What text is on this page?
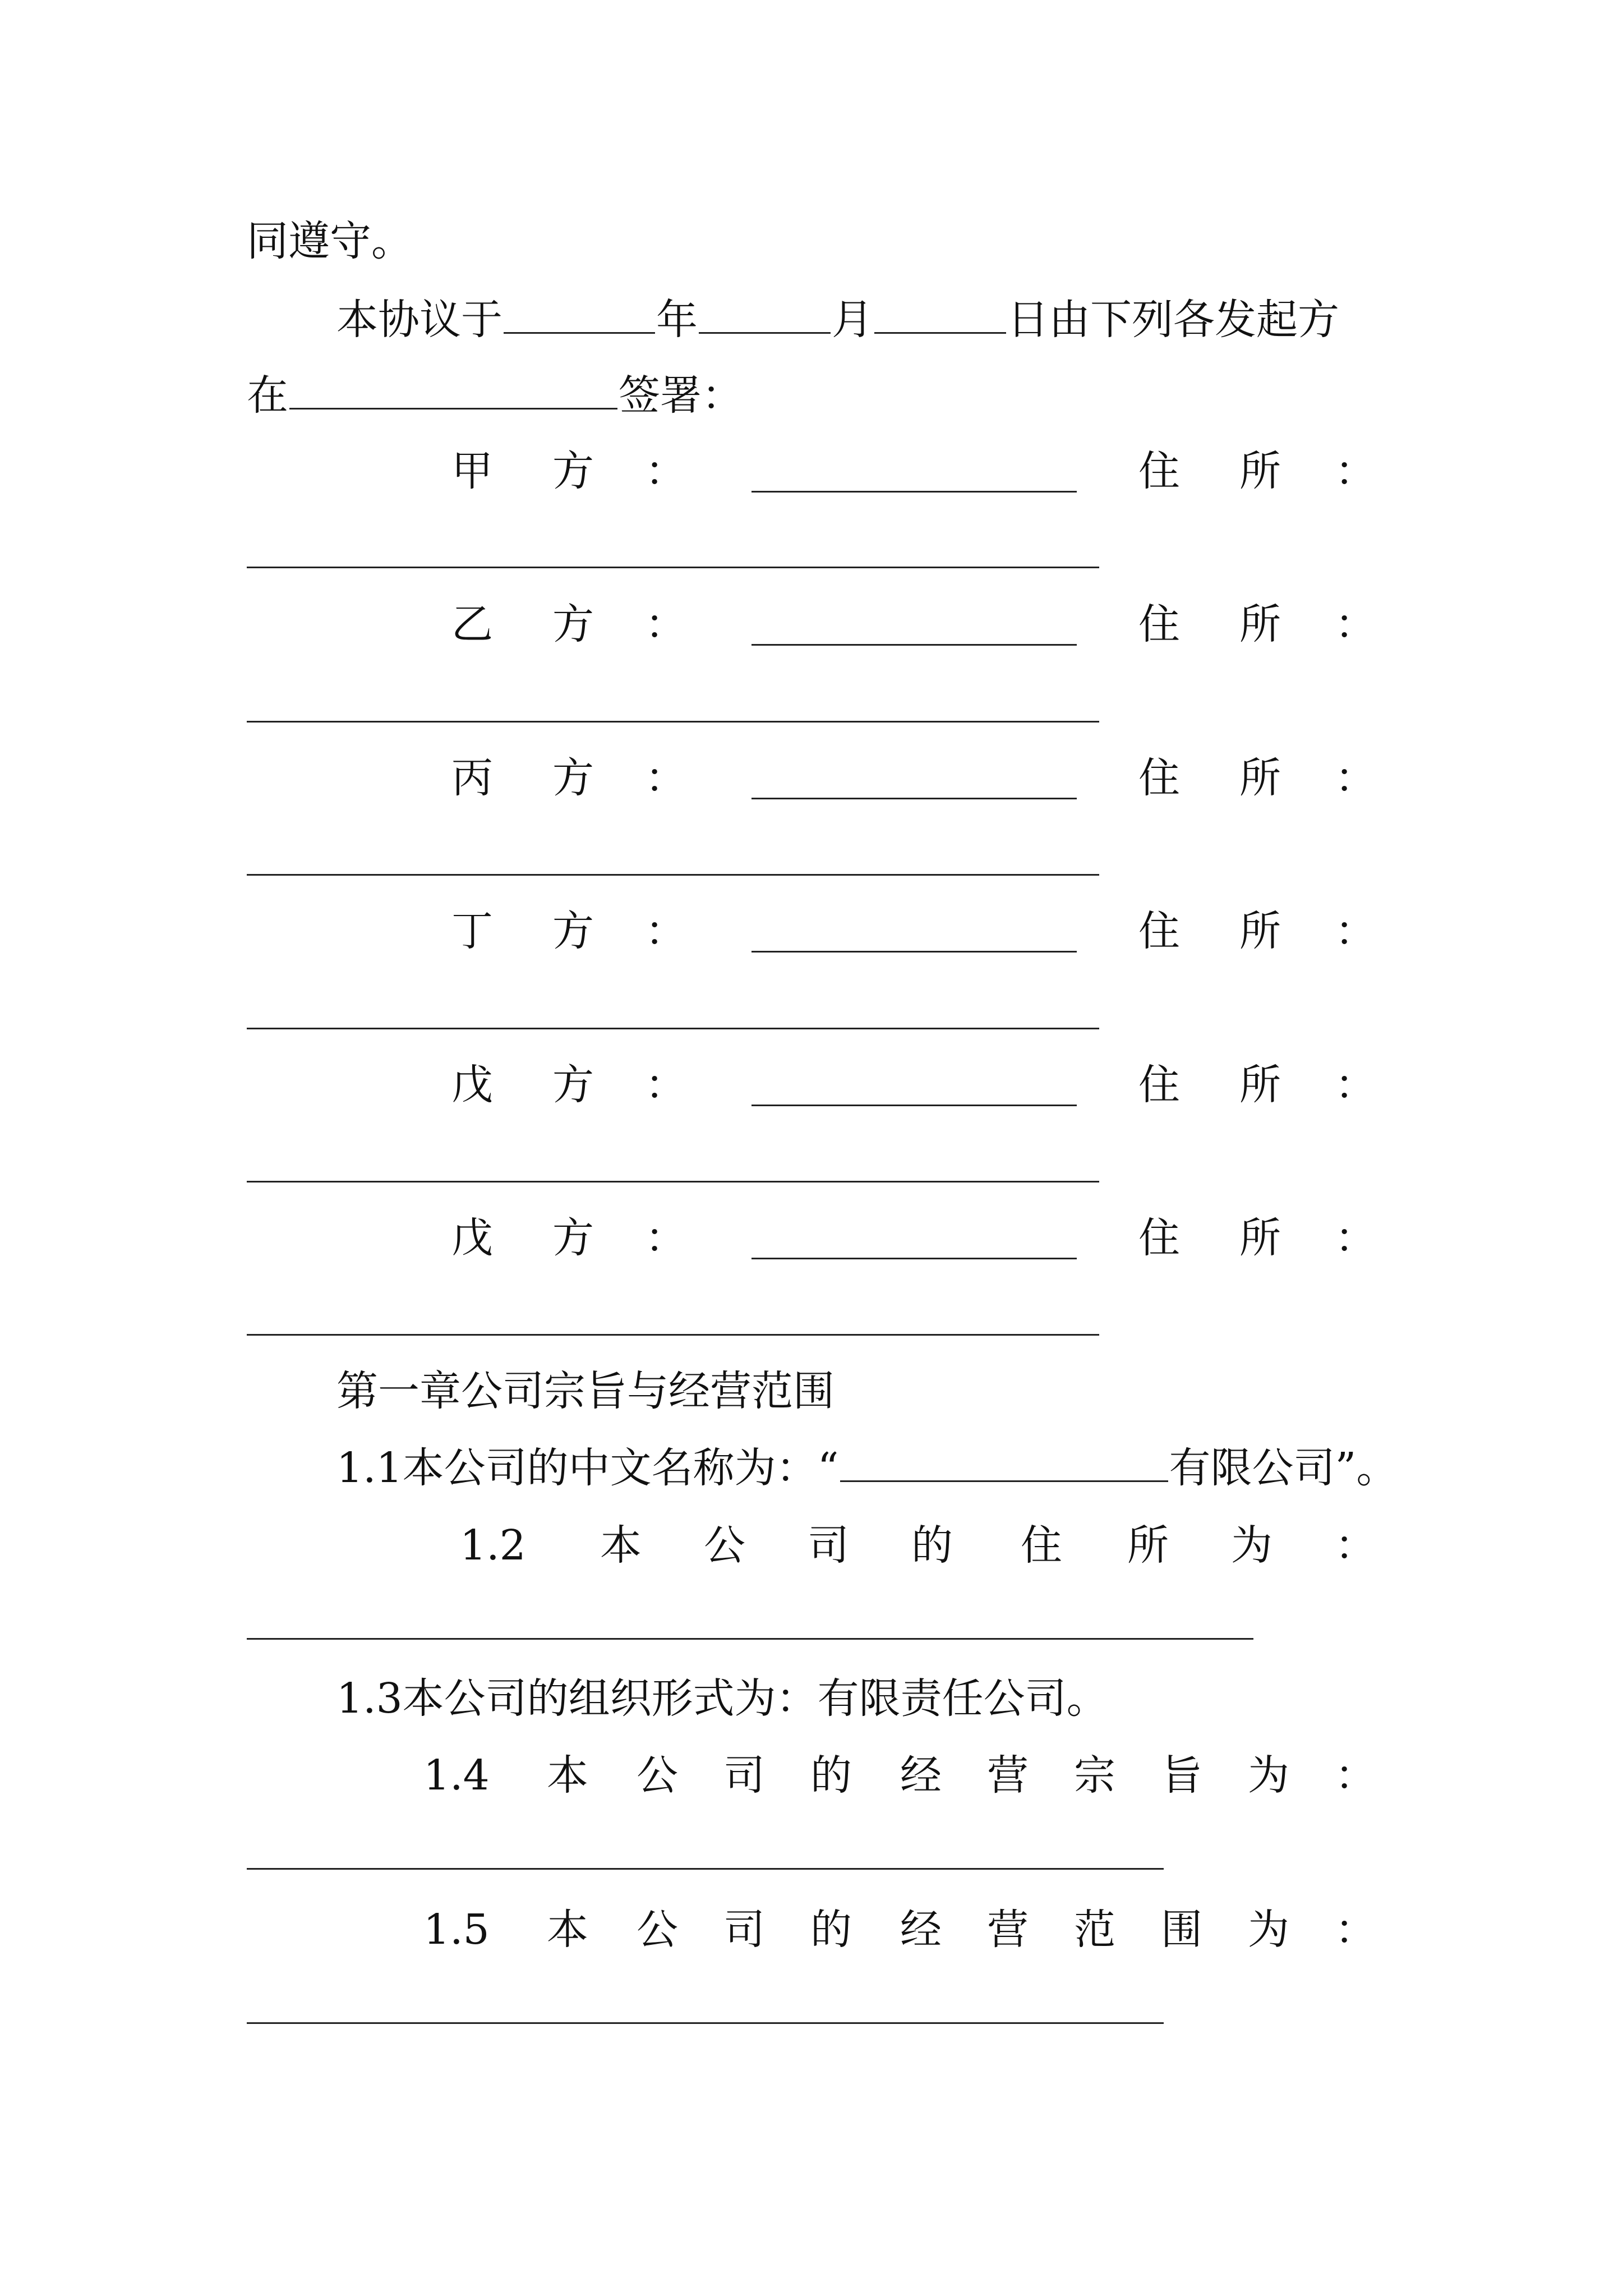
同遵守。
本协议于	年	月	日由下列各发起方
在	签署：
甲 方 ：	住 所 ：
乙 方 ：	住 所 ：
丙 方 ：	住 所 ：
丁 方 ：	住 所 ：
戊 方 ：	住 所 ：
戊 方 ：	住 所 ：
第一章公司宗旨与经营范围
1.1本公司的中文名称为：“	有限公司”。
1.2 本 公 司 的 住 所 为 ：
1.3本公司的组织形式为：有限责任公司。
1.4 本 公 司 的 经 营 宗 旨 为 ：
1.5 本 公 司 的 经 营 范 围 为 ：
